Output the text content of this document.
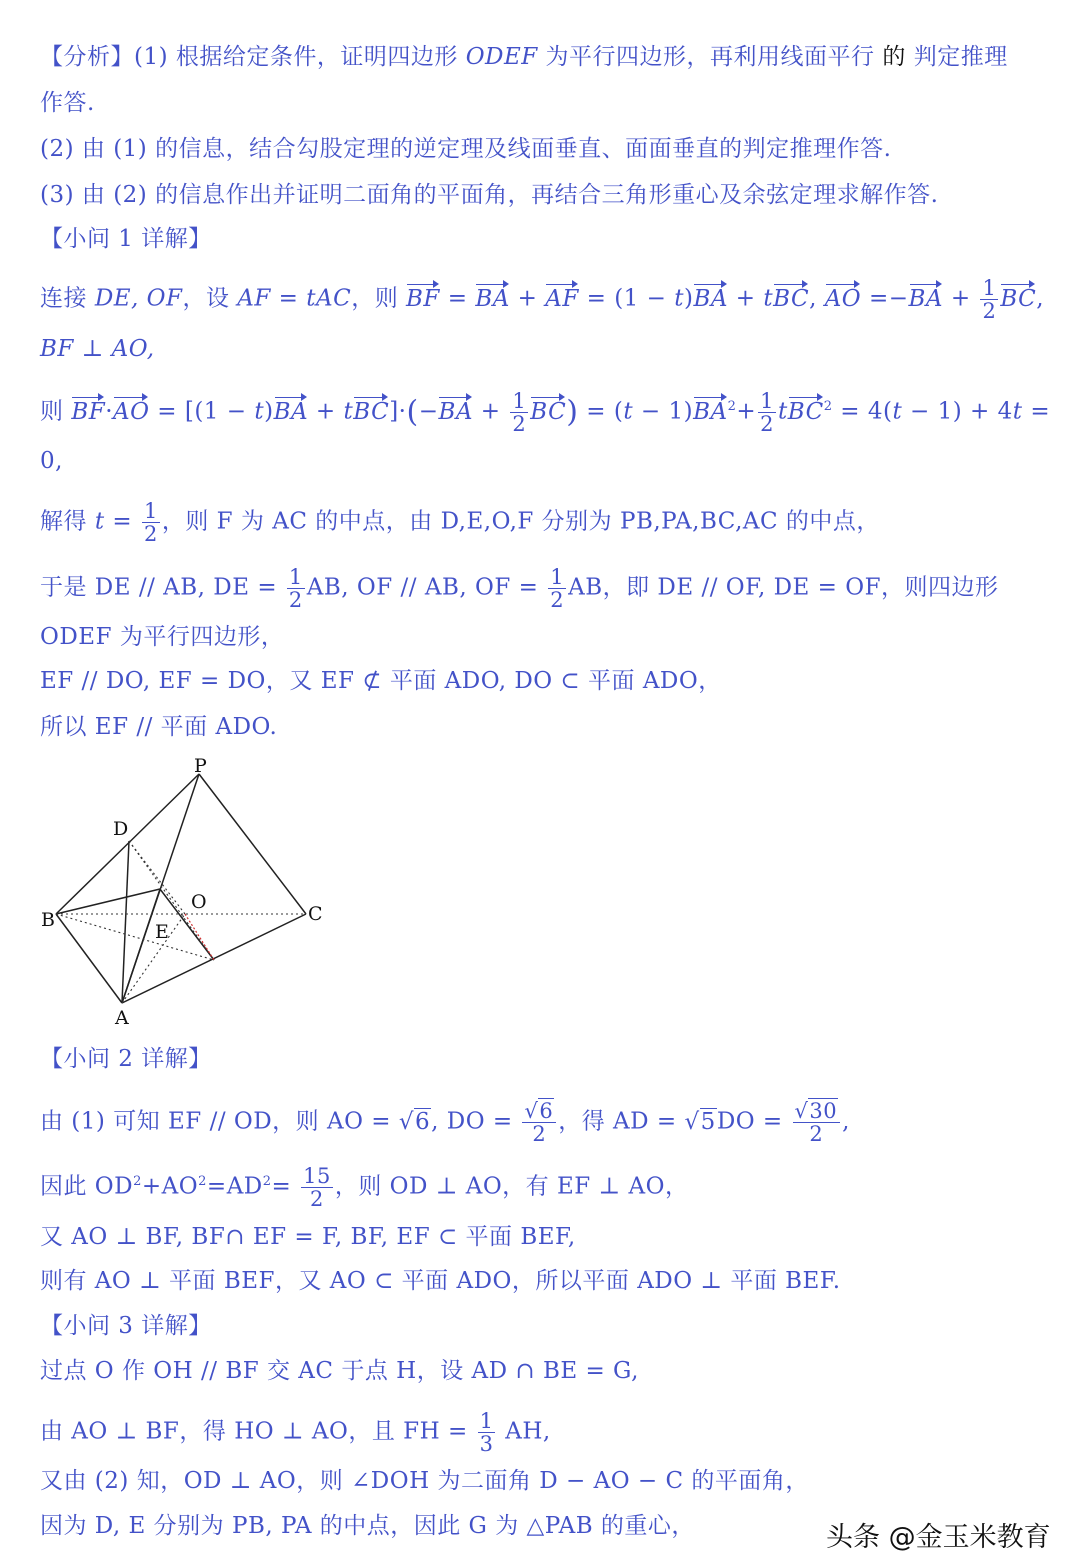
【分析】(1) 根据给定条件，证明四边形 ODEF 为平行四边形，再利用线面平行 的 判定推理
作答.
(2) 由 (1) 的信息，结合勾股定理的逆定理及线面垂直、面面垂直的判定推理作答.
(3) 由 (2) 的信息作出并证明二面角的平面角，再结合三角形重心及余弦定理求解作答.
【小问 1 详解】
连接 DE, OF，设 AF = tAC，则 BF = BA + AF = (1 − t)BA + tBC, AO $=-BA + \frac{1}{2}$ BC,
BF ⊥ AO,
则 $BF\cdot AO = [(1 - t)BA + tBC]\cdot(-BA + \frac{1}{2} BC) = (t - 1)BA^2+ \frac{1}{2} tBC^2 = 4(t - 1) + 4t$ =
0,
解得 $t = \frac{1}{2}$ ，则 F 为 AC 的中点，由 D,E,O,F 分别为 PB,PA,BC,AC 的中点，
于是 DE // AB, DE = $\frac{1}{2}$ AB, OF // AB, OF = $\frac{1}{2}$ AB，即 DE // OF, DE = OF，则四边形
ODEF 为平行四边形，
EF // DO, EF = DO，又 EF ⊄ 平面 ADO, DO ⊂ 平面 ADO，
所以 EF // 平面 ADO.
P
D
O
B	C
E
A
【小问 2 详解】
由 (1) 可知 EF // OD，则 AO = √6, DO = $\frac{√6}{2}$ ，得 AD = $√5DO = \frac{√30}{2}$ ,
因此 $OD^2+AO^2=AD^2= \frac{15}{2}$ ，则 OD ⊥ AO，有 EF ⊥ AO，
又 AO ⊥ BF, BF∩ EF = F, BF, EF ⊂ 平面 BEF,
则有 AO ⊥ 平面 BEF，又 AO ⊂ 平面 ADO，所以平面 ADO ⊥ 平面 BEF.
【小问 3 详解】
过点 O 作 OH // BF 交 AC 于点 H，设 AD ∩ BE = G,
由 AO ⊥ BF，得 HO ⊥ AO，且 FH = $\frac{1}{3}$ AH,
又由 (2) 知，OD ⊥ AO，则 ∠DOH 为二面角 D − AO − C 的平面角，
因为 D, E 分别为 PB, PA 的中点，因此 G 为 △PAB 的重心，	头条 @金玉米教育
